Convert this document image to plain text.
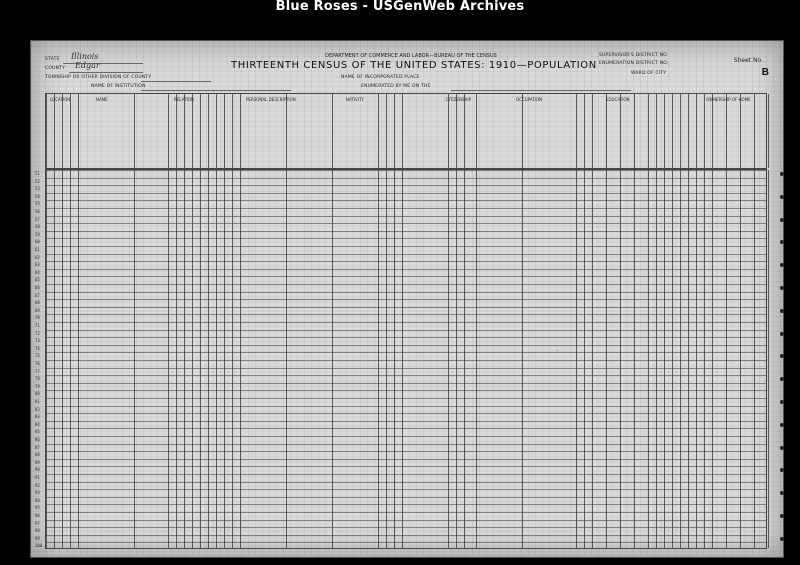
Blue Roses - USGenWeb Archives
STATE Illinois
COUNTY Edgar
TOWNSHIP OR OTHER DIVISION OF COUNTY
NAME OF INSTITUTION
DEPARTMENT OF COMMERCE AND LABOR—BUREAU OF THE CENSUS
THIRTEENTH CENSUS OF THE UNITED STATES: 1910—POPULATION
NAME OF INCORPORATED PLACE
ENUMERATED BY ME ON THE
SUPERVISOR'S DISTRICT NO.
ENUMERATION DISTRICT NO.
WARD OF CITY
Sheet No.
B
LOCATION	NAME	RELATION	PERSONAL DESCRIPTION	NATIVITY	CITIZENSHIP	OCCUPATION	EDUCATION	OWNERSHIP OF HOME
51
52
53
54
55
56
57
58
59
60
61
62
63
64
65
66
67
68
69
70
71
72
73
74
75
76
77
78
79
80
81
82
83
84
85
86
87
88
89
90
91
92
93
94
95
96
97
98
99
100
